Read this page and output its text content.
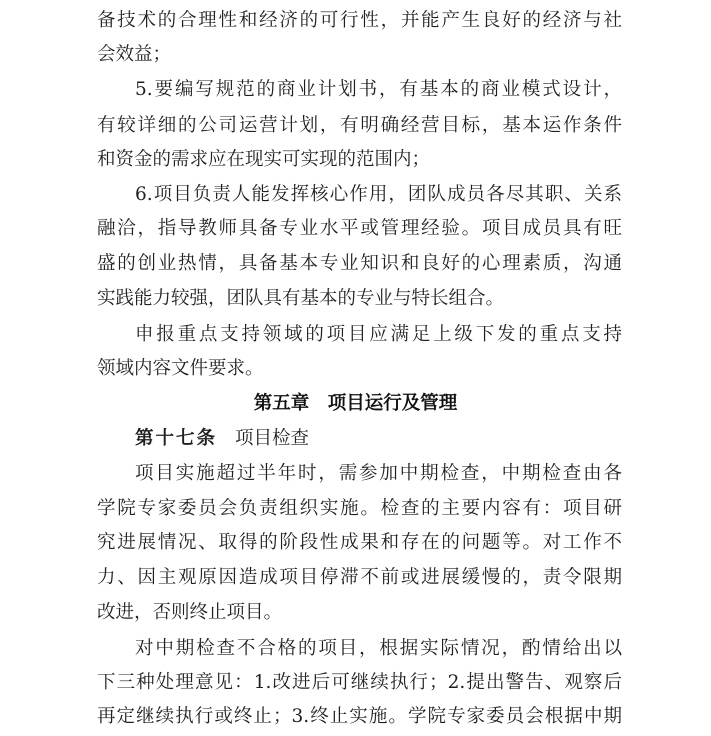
备技术的合理性和经济的可行性，并能产生良好的经济与社
会效益；
5.要编写规范的商业计划书，有基本的商业模式设计，
有较详细的公司运营计划，有明确经营目标，基本运作条件
和资金的需求应在现实可实现的范围内；
6.项目负责人能发挥核心作用，团队成员各尽其职、关系
融洽，指导教师具备专业水平或管理经验。项目成员具有旺
盛的创业热情，具备基本专业知识和良好的心理素质，沟通
实践能力较强，团队具有基本的专业与特长组合。
申报重点支持领域的项目应满足上级下发的重点支持
领域内容文件要求。
第五章　项目运行及管理
第十七条 项目检查
项目实施超过半年时，需参加中期检查，中期检查由各
学院专家委员会负责组织实施。检查的主要内容有：项目研
究进展情况、取得的阶段性成果和存在的问题等。对工作不
力、因主观原因造成项目停滞不前或进展缓慢的，责令限期
改进，否则终止项目。
对中期检查不合格的项目，根据实际情况，酌情给出以
下三种处理意见：1.改进后可继续执行；2.提出警告、观察后
再定继续执行或终止；3.终止实施。学院专家委员会根据中期
